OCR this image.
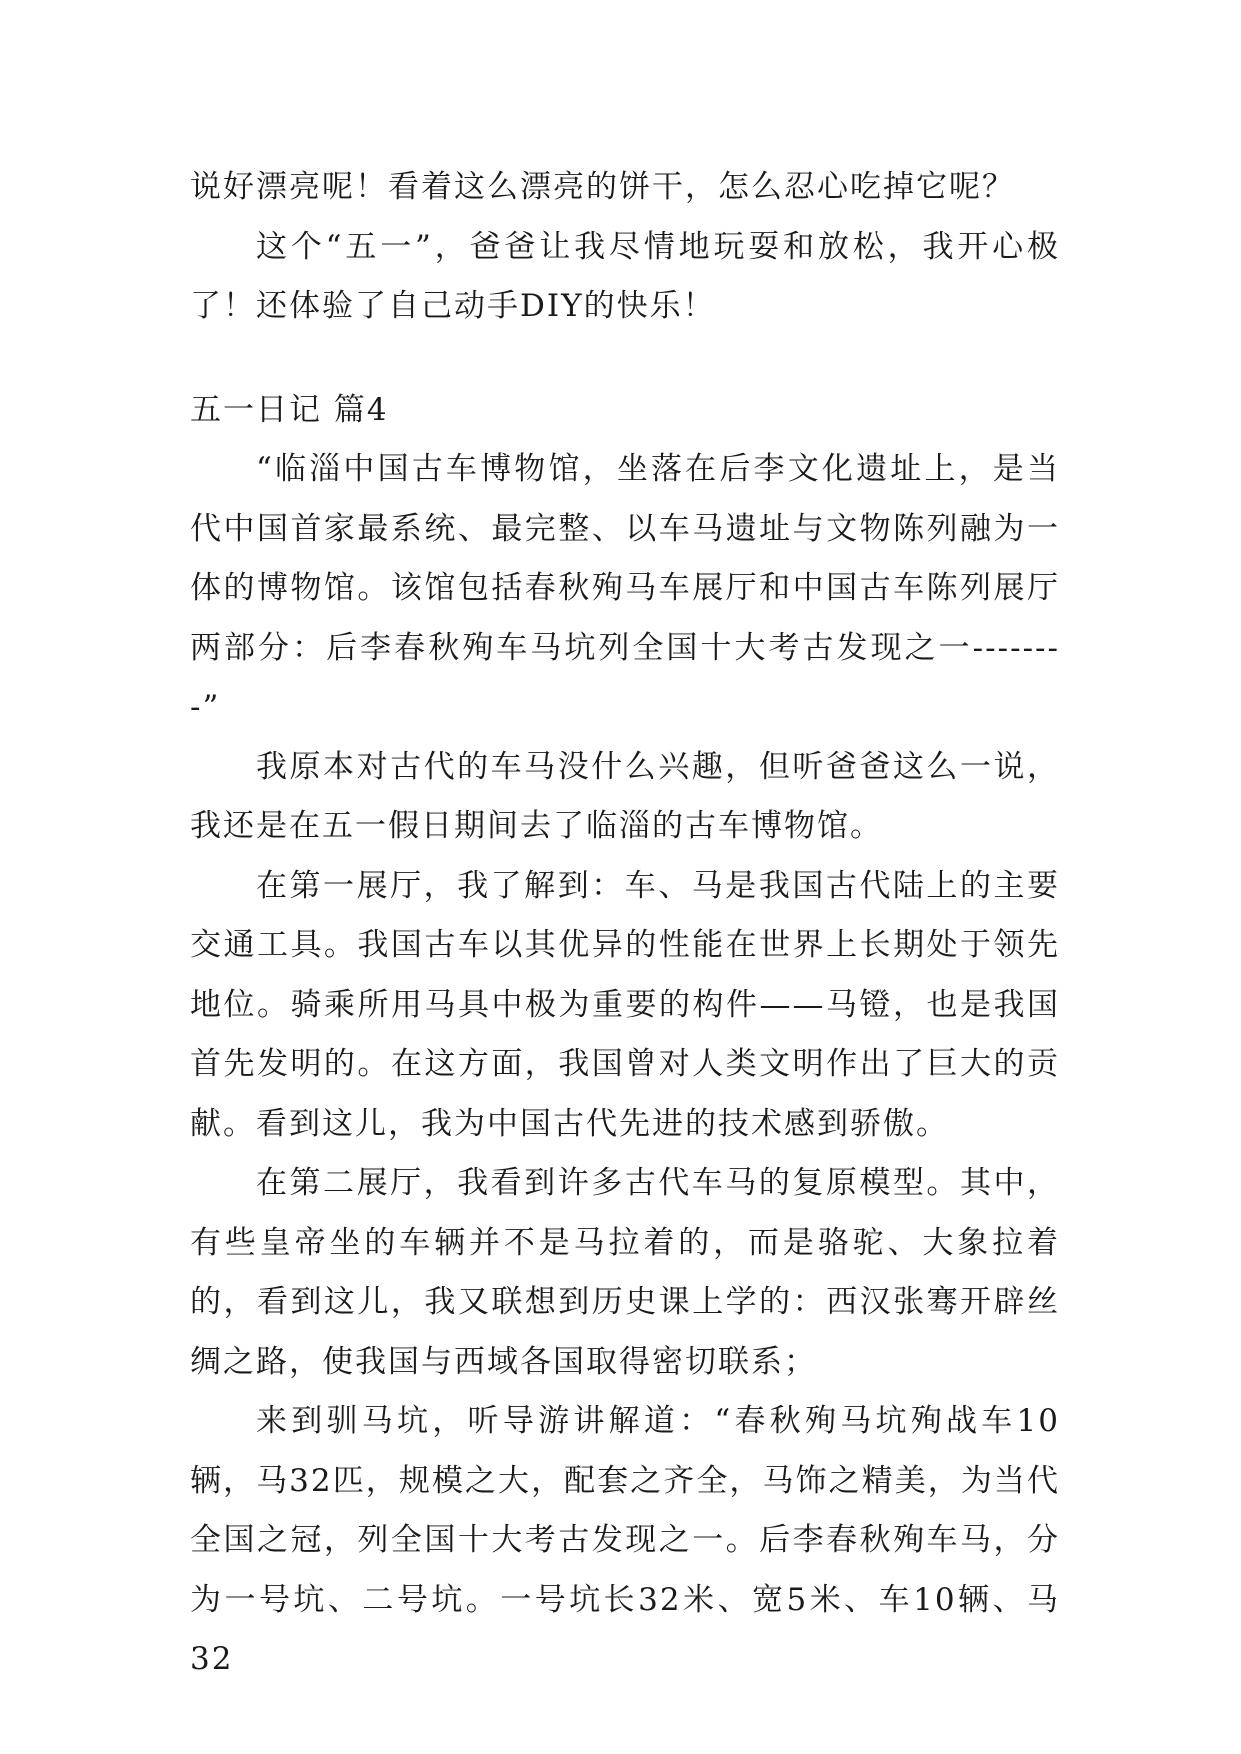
说好漂亮呢！看着这么漂亮的饼干，怎么忍心吃掉它呢？

这个“五一”，爸爸让我尽情地玩耍和放松，我开心极了！还体验了自己动手DIY的快乐！

五一日记 篇4

“临淄中国古车博物馆，坐落在后李文化遗址上，是当代中国首家最系统、最完整、以车马遗址与文物陈列融为一体的博物馆。该馆包括春秋殉马车展厅和中国古车陈列展厅两部分：后李春秋殉车马坑列全国十大考古发现之一--------”

我原本对古代的车马没什么兴趣，但听爸爸这么一说，我还是在五一假日期间去了临淄的古车博物馆。

在第一展厅，我了解到：车、马是我国古代陆上的主要交通工具。我国古车以其优异的性能在世界上长期处于领先地位。骑乘所用马具中极为重要的构件——马镫，也是我国首先发明的。在这方面，我国曾对人类文明作出了巨大的贡献。看到这儿，我为中国古代先进的技术感到骄傲。

在第二展厅，我看到许多古代车马的复原模型。其中，有些皇帝坐的车辆并不是马拉着的，而是骆驼、大象拉着的，看到这儿，我又联想到历史课上学的：西汉张骞开辟丝绸之路，使我国与西域各国取得密切联系；

来到驯马坑，听导游讲解道：“春秋殉马坑殉战车10辆，马32匹，规模之大，配套之齐全，马饰之精美，为当代全国之冠，列全国十大考古发现之一。后李春秋殉车马，分为一号坑、二号坑。一号坑长32米、宽5米、车10辆、马32
